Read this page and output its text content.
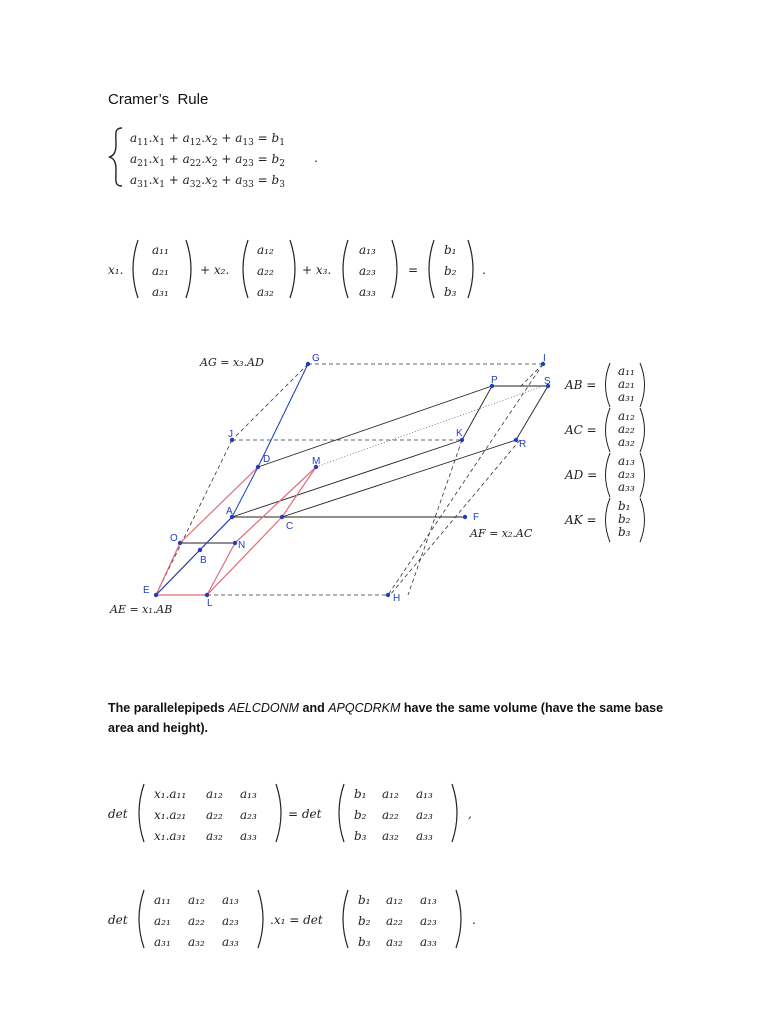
Cramer’s  Rule
$a_{11}.x_1 + a_{12}.x_2 + a_{13} = b_1$
$a_{21}.x_1 + a_{22}.x_2 + a_{23} = b_2$
$a_{31}.x_1 + a_{32}.x_2 + a_{33} = b_3$
.
x₁.
a₁₁
a₂₁
a₃₁
+ x₂.
a₁₂
a₂₂
a₃₂
+ x₃.
a₁₃
a₂₃
a₃₃
=
b₁
b₂
b₃
.
G	I
P	S
J	K
R
D	M
A
C
F
O
N
B
E
L	H
AG = x₃.AD
AF = x₂.AC
AE = x₁.AB
AB =
a₁₁
a₂₁
a₃₁
AC =
a₁₂
a₂₂
a₃₂
AD =
a₁₃
a₂₃
a₃₃
AK =
b₁
b₂
b₃
The parallelepipeds AELCDONM and APQCDRKM have the same volume (have the same base area and height).
det
x₁.a₁₁ a₁₂ a₁₃
x₁.a₂₁ a₂₂ a₂₃
x₁.a₃₁ a₃₂ a₃₃
= det
b₁ a₁₂ a₁₃
b₂ a₂₂ a₂₃
b₃ a₃₂ a₃₃
,
det
a₁₁ a₁₂ a₁₃
a₂₁ a₂₂ a₂₃
a₃₁ a₃₂ a₃₃
.x₁ = det
b₁ a₁₂ a₁₃
b₂ a₂₂ a₂₃
b₃ a₃₂ a₃₃
.
